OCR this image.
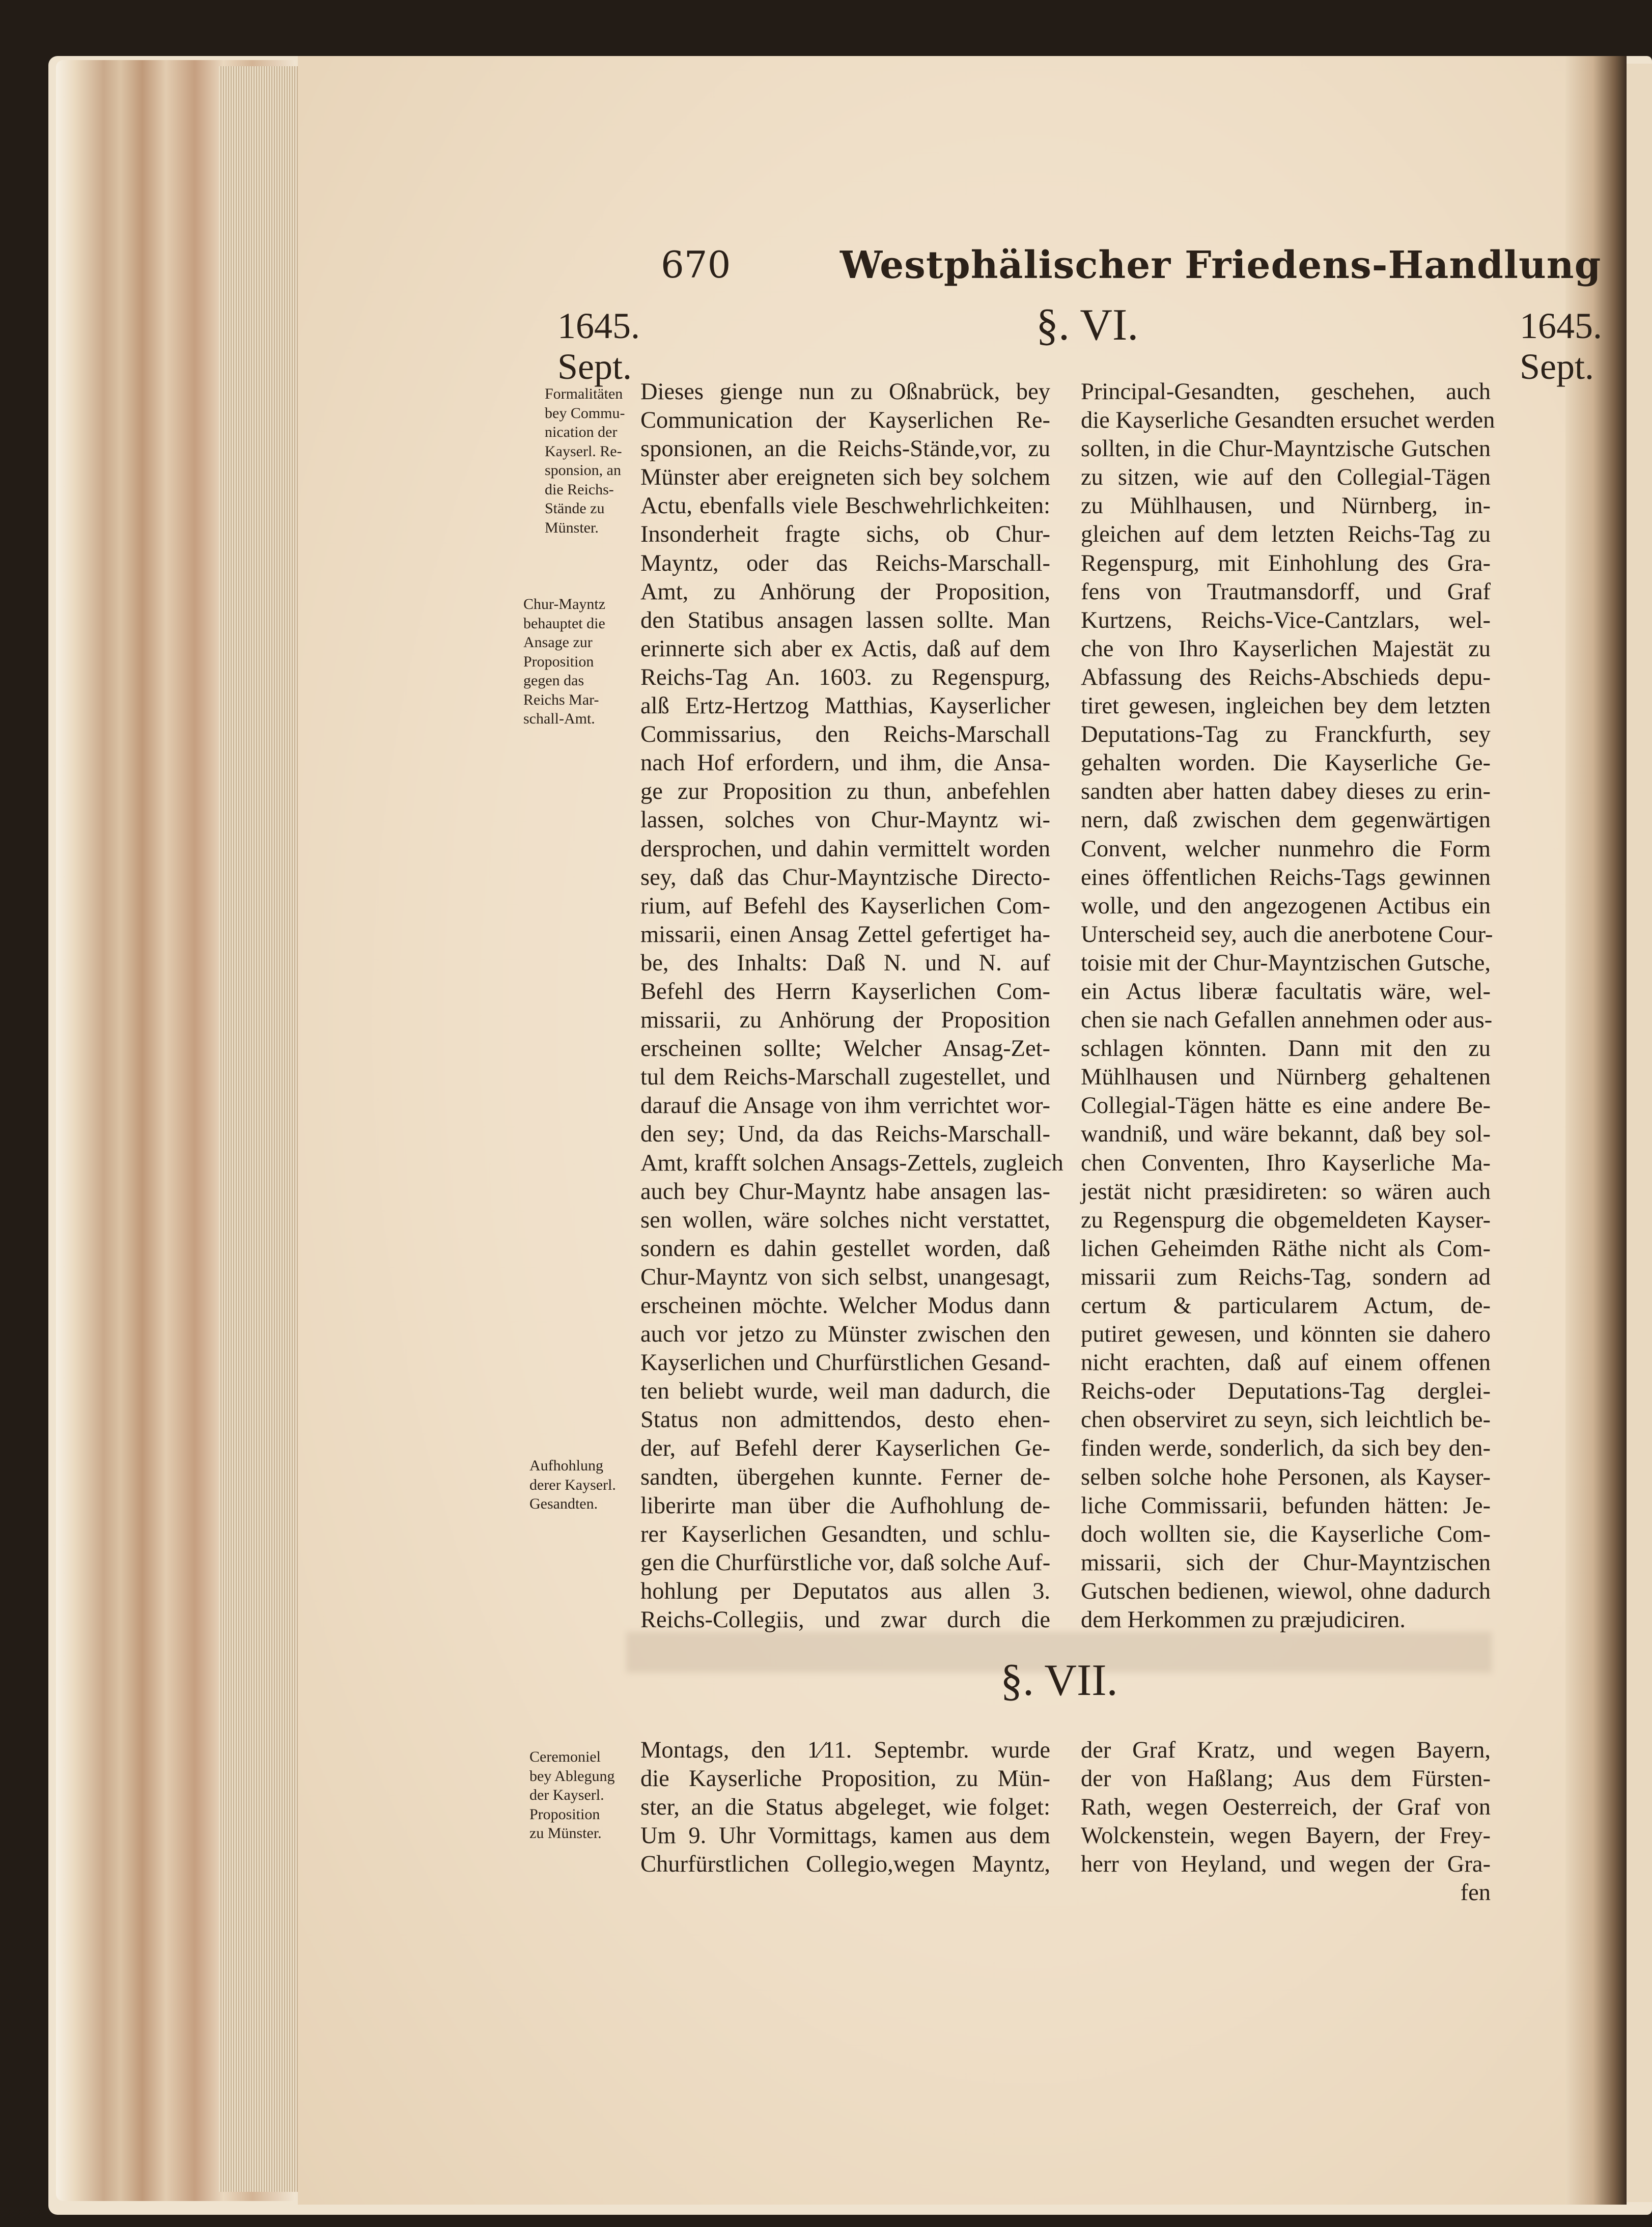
670	Westphälischer Friedens-Handlung
1645.
Sept.
1645.
Sept.
§. VI.
Formalitäten
bey Commu-
nication der
Kayserl. Re-
sponsion, an
die Reichs-
Stände zu
Münster.
Chur-Mayntz
behauptet die
Ansage zur
Proposition
gegen das
Reichs Mar-
schall-Amt.
Aufhohlung
derer Kayserl.
Gesandten.
Dieses gienge nun zu Oßnabrück, bey
Communication der Kayserlichen Re-
sponsionen, an die Reichs-Stände,vor, zu
Münster aber ereigneten sich bey solchem
Actu, ebenfalls viele Beschwehrlichkeiten:
Insonderheit fragte sichs, ob Chur-
Mayntz, oder das Reichs-Marschall-
Amt, zu Anhörung der Proposition,
den Statibus ansagen lassen sollte. Man
erinnerte sich aber ex Actis, daß auf dem
Reichs-Tag An. 1603. zu Regenspurg,
alß Ertz-Hertzog Matthias, Kayserlicher
Commissarius, den Reichs-Marschall
nach Hof erfordern, und ihm, die Ansa-
ge zur Proposition zu thun, anbefehlen
lassen, solches von Chur-Mayntz wi-
dersprochen, und dahin vermittelt worden
sey, daß das Chur-Mayntzische Directo-
rium, auf Befehl des Kayserlichen Com-
missarii, einen Ansag Zettel gefertiget ha-
be, des Inhalts: Daß N. und N. auf
Befehl des Herrn Kayserlichen Com-
missarii, zu Anhörung der Proposition
erscheinen sollte; Welcher Ansag-Zet-
tul dem Reichs-Marschall zugestellet, und
darauf die Ansage von ihm verrichtet wor-
den sey; Und, da das Reichs-Marschall-
Amt, krafft solchen Ansags-Zettels, zugleich
auch bey Chur-Mayntz habe ansagen las-
sen wollen, wäre solches nicht verstattet,
sondern es dahin gestellet worden, daß
Chur-Mayntz von sich selbst, unangesagt,
erscheinen möchte. Welcher Modus dann
auch vor jetzo zu Münster zwischen den
Kayserlichen und Churfürstlichen Gesand-
ten beliebt wurde, weil man dadurch, die
Status non admittendos, desto ehen-
der, auf Befehl derer Kayserlichen Ge-
sandten, übergehen kunnte. Ferner de-
liberirte man über die Aufhohlung de-
rer Kayserlichen Gesandten, und schlu-
gen die Churfürstliche vor, daß solche Auf-
hohlung per Deputatos aus allen 3.
Reichs-Collegiis, und zwar durch die
Principal-Gesandten, geschehen, auch
die Kayserliche Gesandten ersuchet werden
sollten, in die Chur-Mayntzische Gutschen
zu sitzen, wie auf den Collegial-Tägen
zu Mühlhausen, und Nürnberg, in-
gleichen auf dem letzten Reichs-Tag zu
Regenspurg, mit Einhohlung des Gra-
fens von Trautmansdorff, und Graf
Kurtzens, Reichs-Vice-Cantzlars, wel-
che von Ihro Kayserlichen Majestät zu
Abfassung des Reichs-Abschieds depu-
tiret gewesen, ingleichen bey dem letzten
Deputations-Tag zu Franckfurth, sey
gehalten worden. Die Kayserliche Ge-
sandten aber hatten dabey dieses zu erin-
nern, daß zwischen dem gegenwärtigen
Convent, welcher nunmehro die Form
eines öffentlichen Reichs-Tags gewinnen
wolle, und den angezogenen Actibus ein
Unterscheid sey, auch die anerbotene Cour-
toisie mit der Chur-Mayntzischen Gutsche,
ein Actus liberæ facultatis wäre, wel-
chen sie nach Gefallen annehmen oder aus-
schlagen könnten. Dann mit den zu
Mühlhausen und Nürnberg gehaltenen
Collegial-Tägen hätte es eine andere Be-
wandniß, und wäre bekannt, daß bey sol-
chen Conventen, Ihro Kayserliche Ma-
jestät nicht præsidireten: so wären auch
zu Regenspurg die obgemeldeten Kayser-
lichen Geheimden Räthe nicht als Com-
missarii zum Reichs-Tag, sondern ad
certum & particularem Actum, de-
putiret gewesen, und könnten sie dahero
nicht erachten, daß auf einem offenen
Reichs-oder Deputations-Tag derglei-
chen observiret zu seyn, sich leichtlich be-
finden werde, sonderlich, da sich bey den-
selben solche hohe Personen, als Kayser-
liche Commissarii, befunden hätten: Je-
doch wollten sie, die Kayserliche Com-
missarii, sich der Chur-Mayntzischen
Gutschen bedienen, wiewol, ohne dadurch
dem Herkommen zu præjudiciren.
§. VII.
Ceremoniel
bey Ablegung
der Kayserl.
Proposition
zu Münster.
Montags, den 1⁄11. Septembr. wurde
die Kayserliche Proposition, zu Mün-
ster, an die Status abgeleget, wie folget:
Um 9. Uhr Vormittags, kamen aus dem
Churfürstlichen Collegio,wegen Mayntz,
der Graf Kratz, und wegen Bayern,
der von Haßlang; Aus dem Fürsten-
Rath, wegen Oesterreich, der Graf von
Wolckenstein, wegen Bayern, der Frey-
herr von Heyland, und wegen der Gra-
fen
